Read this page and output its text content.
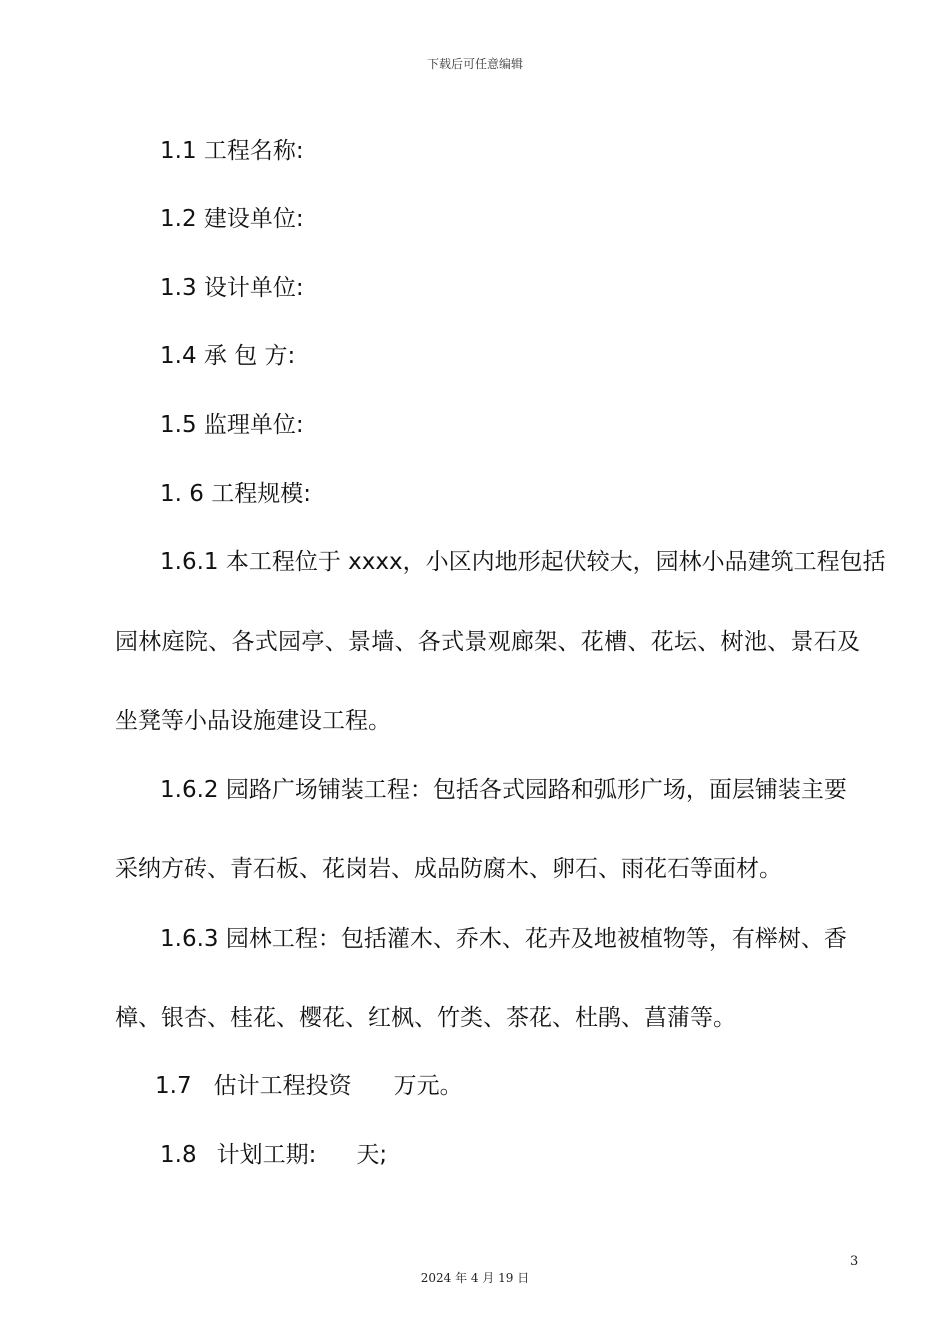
下载后可任意编辑
1.1 工程名称:
1.2 建设单位:
1.3 设计单位:
1.4 承 包 方:
1.5 监理单位:
1. 6 工程规模:
1.6.1 本工程位于 xxxx，小区内地形起伏较大，园林小品建筑工程包括
园林庭院、各式园亭、景墙、各式景观廊架、花槽、花坛、树池、景石及
坐凳等小品设施建设工程。
1.6.2 园路广场铺装工程：包括各式园路和弧形广场，面层铺装主要
采纳方砖、青石板、花岗岩、成品防腐木、卵石、雨花石等面材。
1.6.3 园林工程：包括灌木、乔木、花卉及地被植物等，有榉树、香
樟、银杏、桂花、樱花、红枫、竹类、茶花、杜鹃、菖蒲等。
1.7 估计工程投资 万元。
1.8 计划工期: 天;
3
2024 年 4 月 19 日
